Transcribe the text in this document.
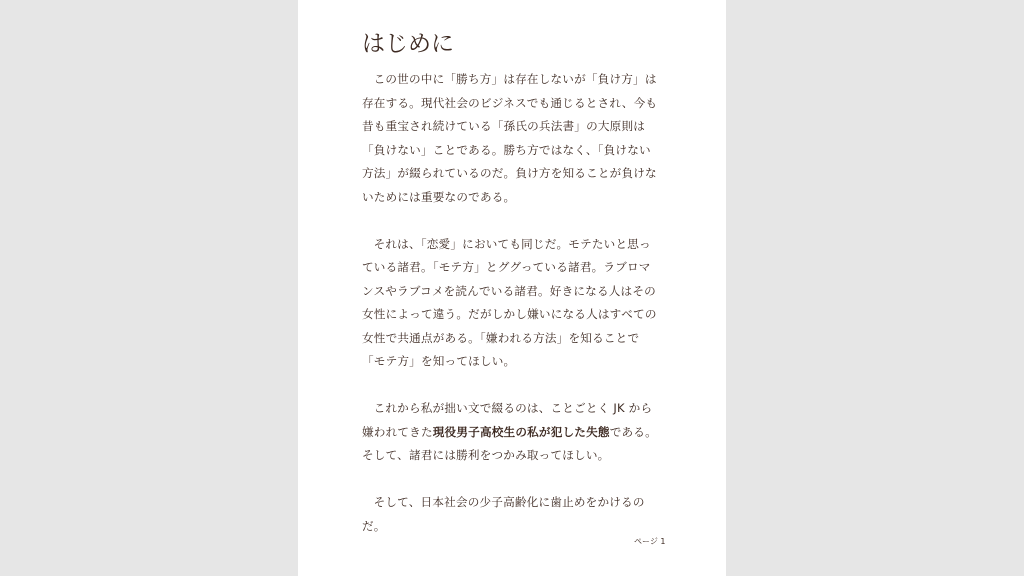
はじめに

この世の中に「勝ち方」は存在しないが「負け方」は存在する。現代社会のビジネスでも通じるとされ、今も昔も重宝され続けている「孫氏の兵法書」の大原則は「負けない」ことである。勝ち方ではなく、「負けない方法」が綴られているのだ。負け方を知ることが負けないためには重要なのである。

それは、「恋愛」においても同じだ。モテたいと思っている諸君。「モテ方」とググっている諸君。ラブロマンスやラブコメを読んでいる諸君。好きになる人はその女性によって違う。だがしかし嫌いになる人はすべての女性で共通点がある。「嫌われる方法」を知ることで「モテ方」を知ってほしい。

これから私が拙い文で綴るのは、ことごとく JK から嫌われてきた現役男子高校生の私が犯した失態である。 そして、諸君には勝利をつかみ取ってほしい。

そして、日本社会の少子高齢化に歯止めをかけるのだ。

ページ 1
